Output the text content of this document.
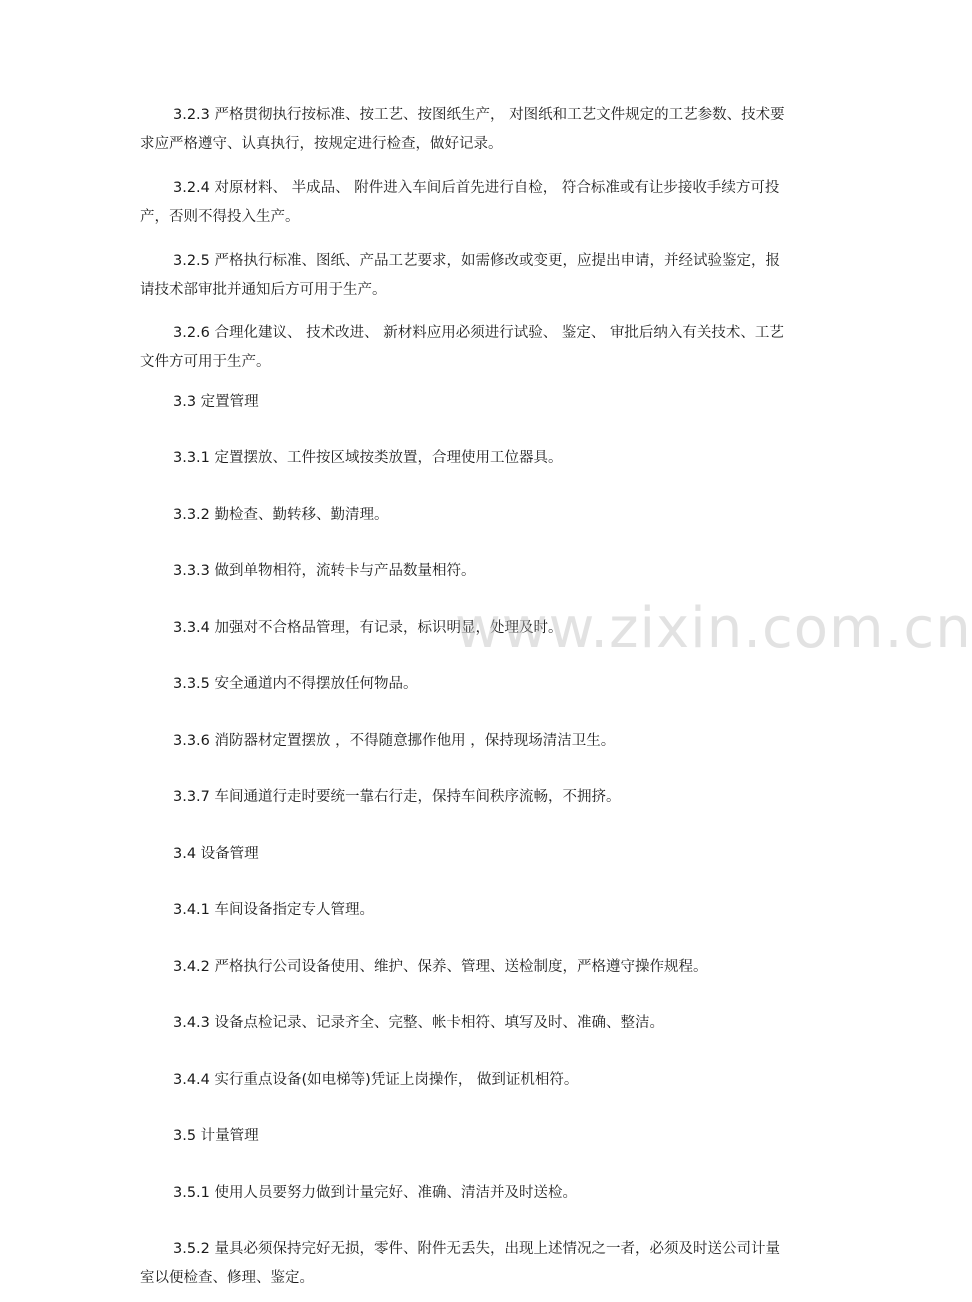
3.2.3 严格贯彻执行按标准、按工艺、按图纸生产， 对图纸和工艺文件规定的工艺参数、技术要求应严格遵守、认真执行，按规定进行检查，做好记录。

3.2.4 对原材料、 半成品、 附件进入车间后首先进行自检， 符合标准或有让步接收手续方可投产，否则不得投入生产。

3.2.5 严格执行标准、图纸、产品工艺要求，如需修改或变更，应提出申请，并经试验鉴定，报请技术部审批并通知后方可用于生产。

3.2.6 合理化建议、 技术改进、 新材料应用必须进行试验、 鉴定、 审批后纳入有关技术、工艺文件方可用于生产。

3.3 定置管理

3.3.1 定置摆放、工件按区域按类放置，合理使用工位器具。

3.3.2 勤检查、勤转移、勤清理。

3.3.3 做到单物相符，流转卡与产品数量相符。

3.3.4 加强对不合格品管理，有记录，标识明显，处理及时。

3.3.5 安全通道内不得摆放任何物品。

3.3.6 消防器材定置摆放 ，不得随意挪作他用 ，保持现场清洁卫生。

3.3.7 车间通道行走时要统一靠右行走，保持车间秩序流畅，不拥挤。

3.4 设备管理

3.4.1 车间设备指定专人管理。

3.4.2 严格执行公司设备使用、维护、保养、管理、送检制度，严格遵守操作规程。

3.4.3 设备点检记录、记录齐全、完整、帐卡相符、填写及时、准确、整洁。

3.4.4 实行重点设备(如电梯等)凭证上岗操作， 做到证机相符。

3.5 计量管理

3.5.1 使用人员要努力做到计量完好、准确、清洁并及时送检。

3.5.2 量具必须保持完好无损，零件、附件无丢失，出现上述情况之一者，必须及时送公司计量室以便检查、修理、鉴定。

www.zixin.com.cn
